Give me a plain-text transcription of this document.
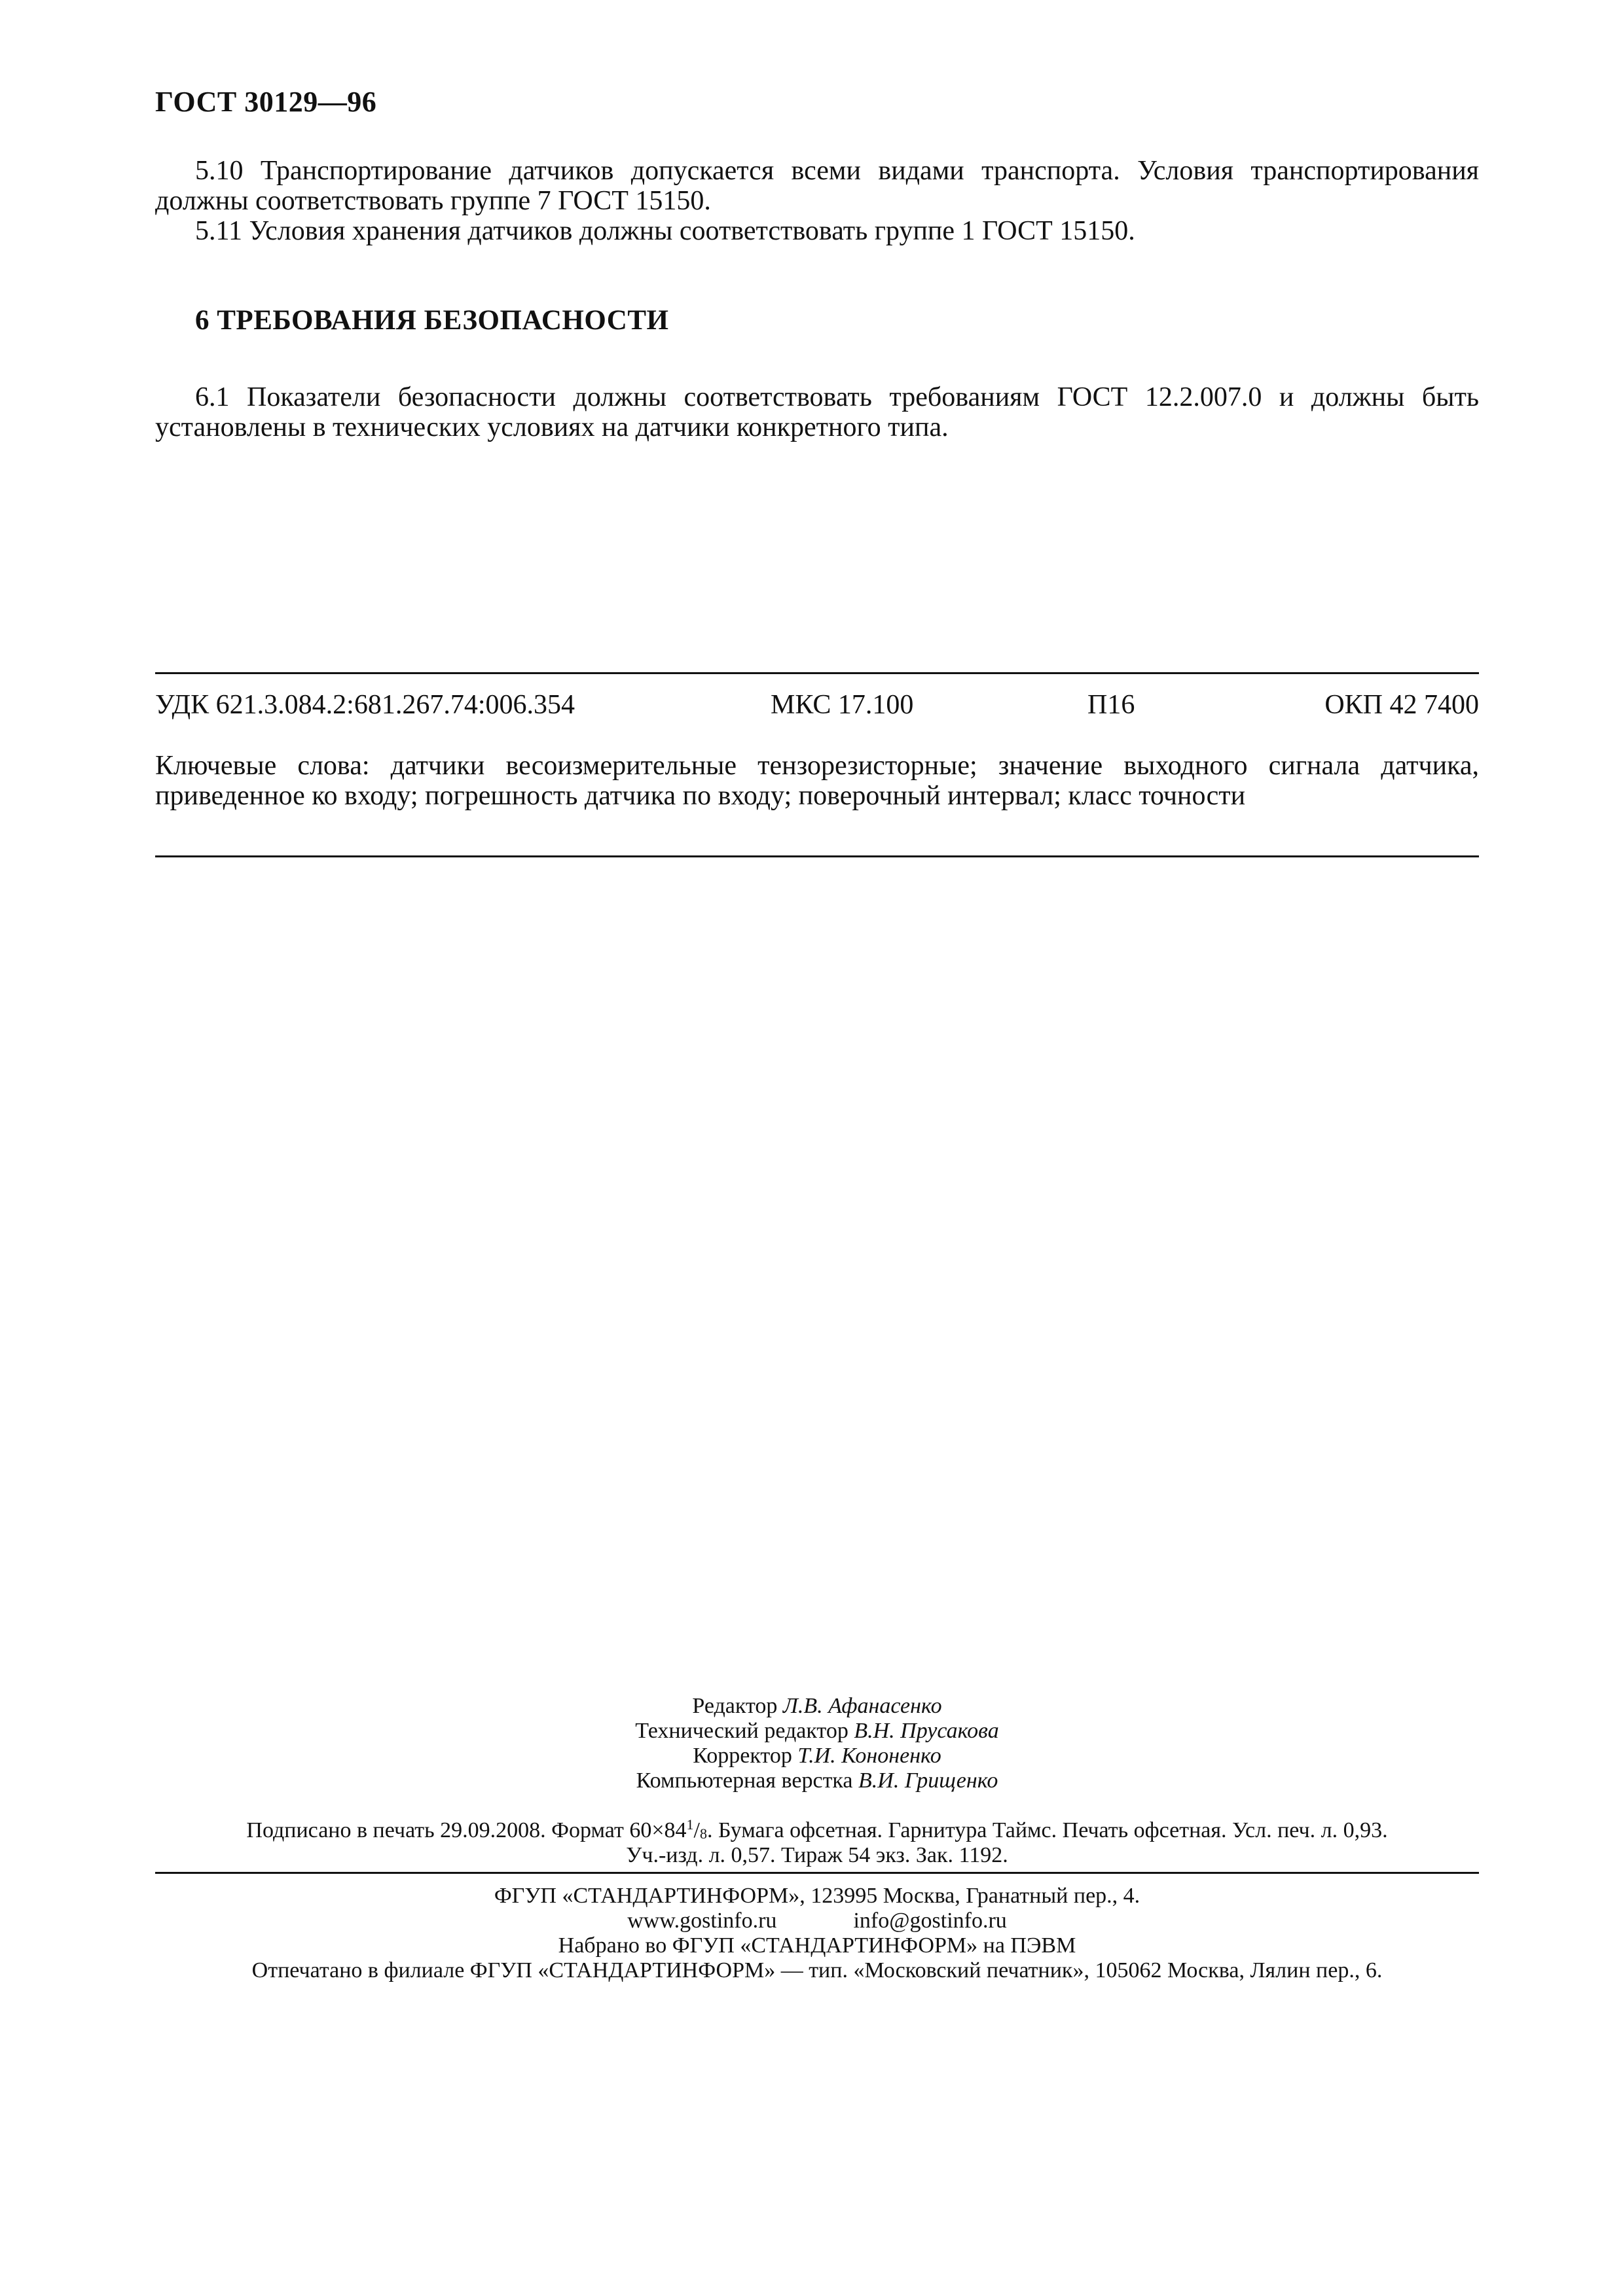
ГОСТ 30129—96

5.10 Транспортирование датчиков допускается всеми видами транспорта. Условия транспортирования должны соответствовать группе 7 ГОСТ 15150.

5.11 Условия хранения датчиков должны соответствовать группе 1 ГОСТ 15150.

6 ТРЕБОВАНИЯ БЕЗОПАСНОСТИ

6.1 Показатели безопасности должны соответствовать требованиям ГОСТ 12.2.007.0 и должны быть установлены в технических условиях на датчики конкретного типа.

УДК 621.3.084.2:681.267.74:006.354	МКС 17.100	П16	ОКП 42 7400
Ключевые слова: датчики весоизмерительные тензорезисторные; значение выходного сигнала датчика, приведенное ко входу; погрешность датчика по входу; поверочный интервал; класс точности
Редактор Л.В. Афанасенко
Технический редактор В.Н. Прусакова
Корректор Т.И. Кононенко
Компьютерная верстка В.И. Грищенко
Подписано в печать 29.09.2008. Формат $60\times 84^1/_8$. Бумага офсетная. Гарнитура Таймс. Печать офсетная. Усл. печ. л. 0,93.
Уч.-изд. л. 0,57. Тираж 54 экз. Зак. 1192.
ФГУП «СТАНДАРТИНФОРМ», 123995 Москва, Гранатный пер., 4.
www.gostinfo.ru	info@gostinfo.ru
Набрано во ФГУП «СТАНДАРТИНФОРМ» на ПЭВМ
Отпечатано в филиале ФГУП «СТАНДАРТИНФОРМ» — тип. «Московский печатник», 105062 Москва, Лялин пер., 6.
